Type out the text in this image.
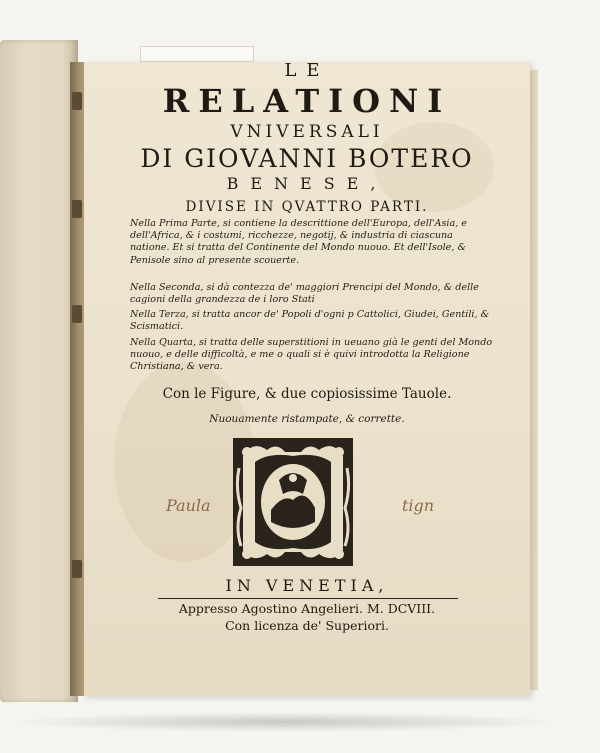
LE
RELATIONI
VNIVERSALI
DI GIOVANNI BOTERO
BENESE,
DIVISE IN QVATTRO PARTI.
Nella Prima Parte, si contiene la descrittione dell'Europa, dell'Asia, e dell'Africa, & i costumi, ricchezze, negotij, & industria di ciascuna natione. Et si tratta del Continente del Mondo nuouo. Et dell'Isole, & Penisole sino al presente scouerte.
Nella Seconda, si dà contezza de' maggiori Prencipi del Mondo, & delle cagioni della grandezza de i loro Stati
Nella Terza, si tratta ancor de' Popoli d'ogni p Cattolici, Giudei, Gentili, & Scismatici.
Nella Quarta, si tratta delle superstitioni in ueuano già le genti del Mondo nuouo, e delle difficoltà, e me o quali si è quivi introdotta la Religione Christiana, & vera.
Con le Figure, & due copiosissime Tauole.
Nuouamente ristampate, & corrette.
Paula	tign
IN VENETIA,
Appresso Agostino Angelieri. M. DCVIII.
Con licenza de' Superiori.
